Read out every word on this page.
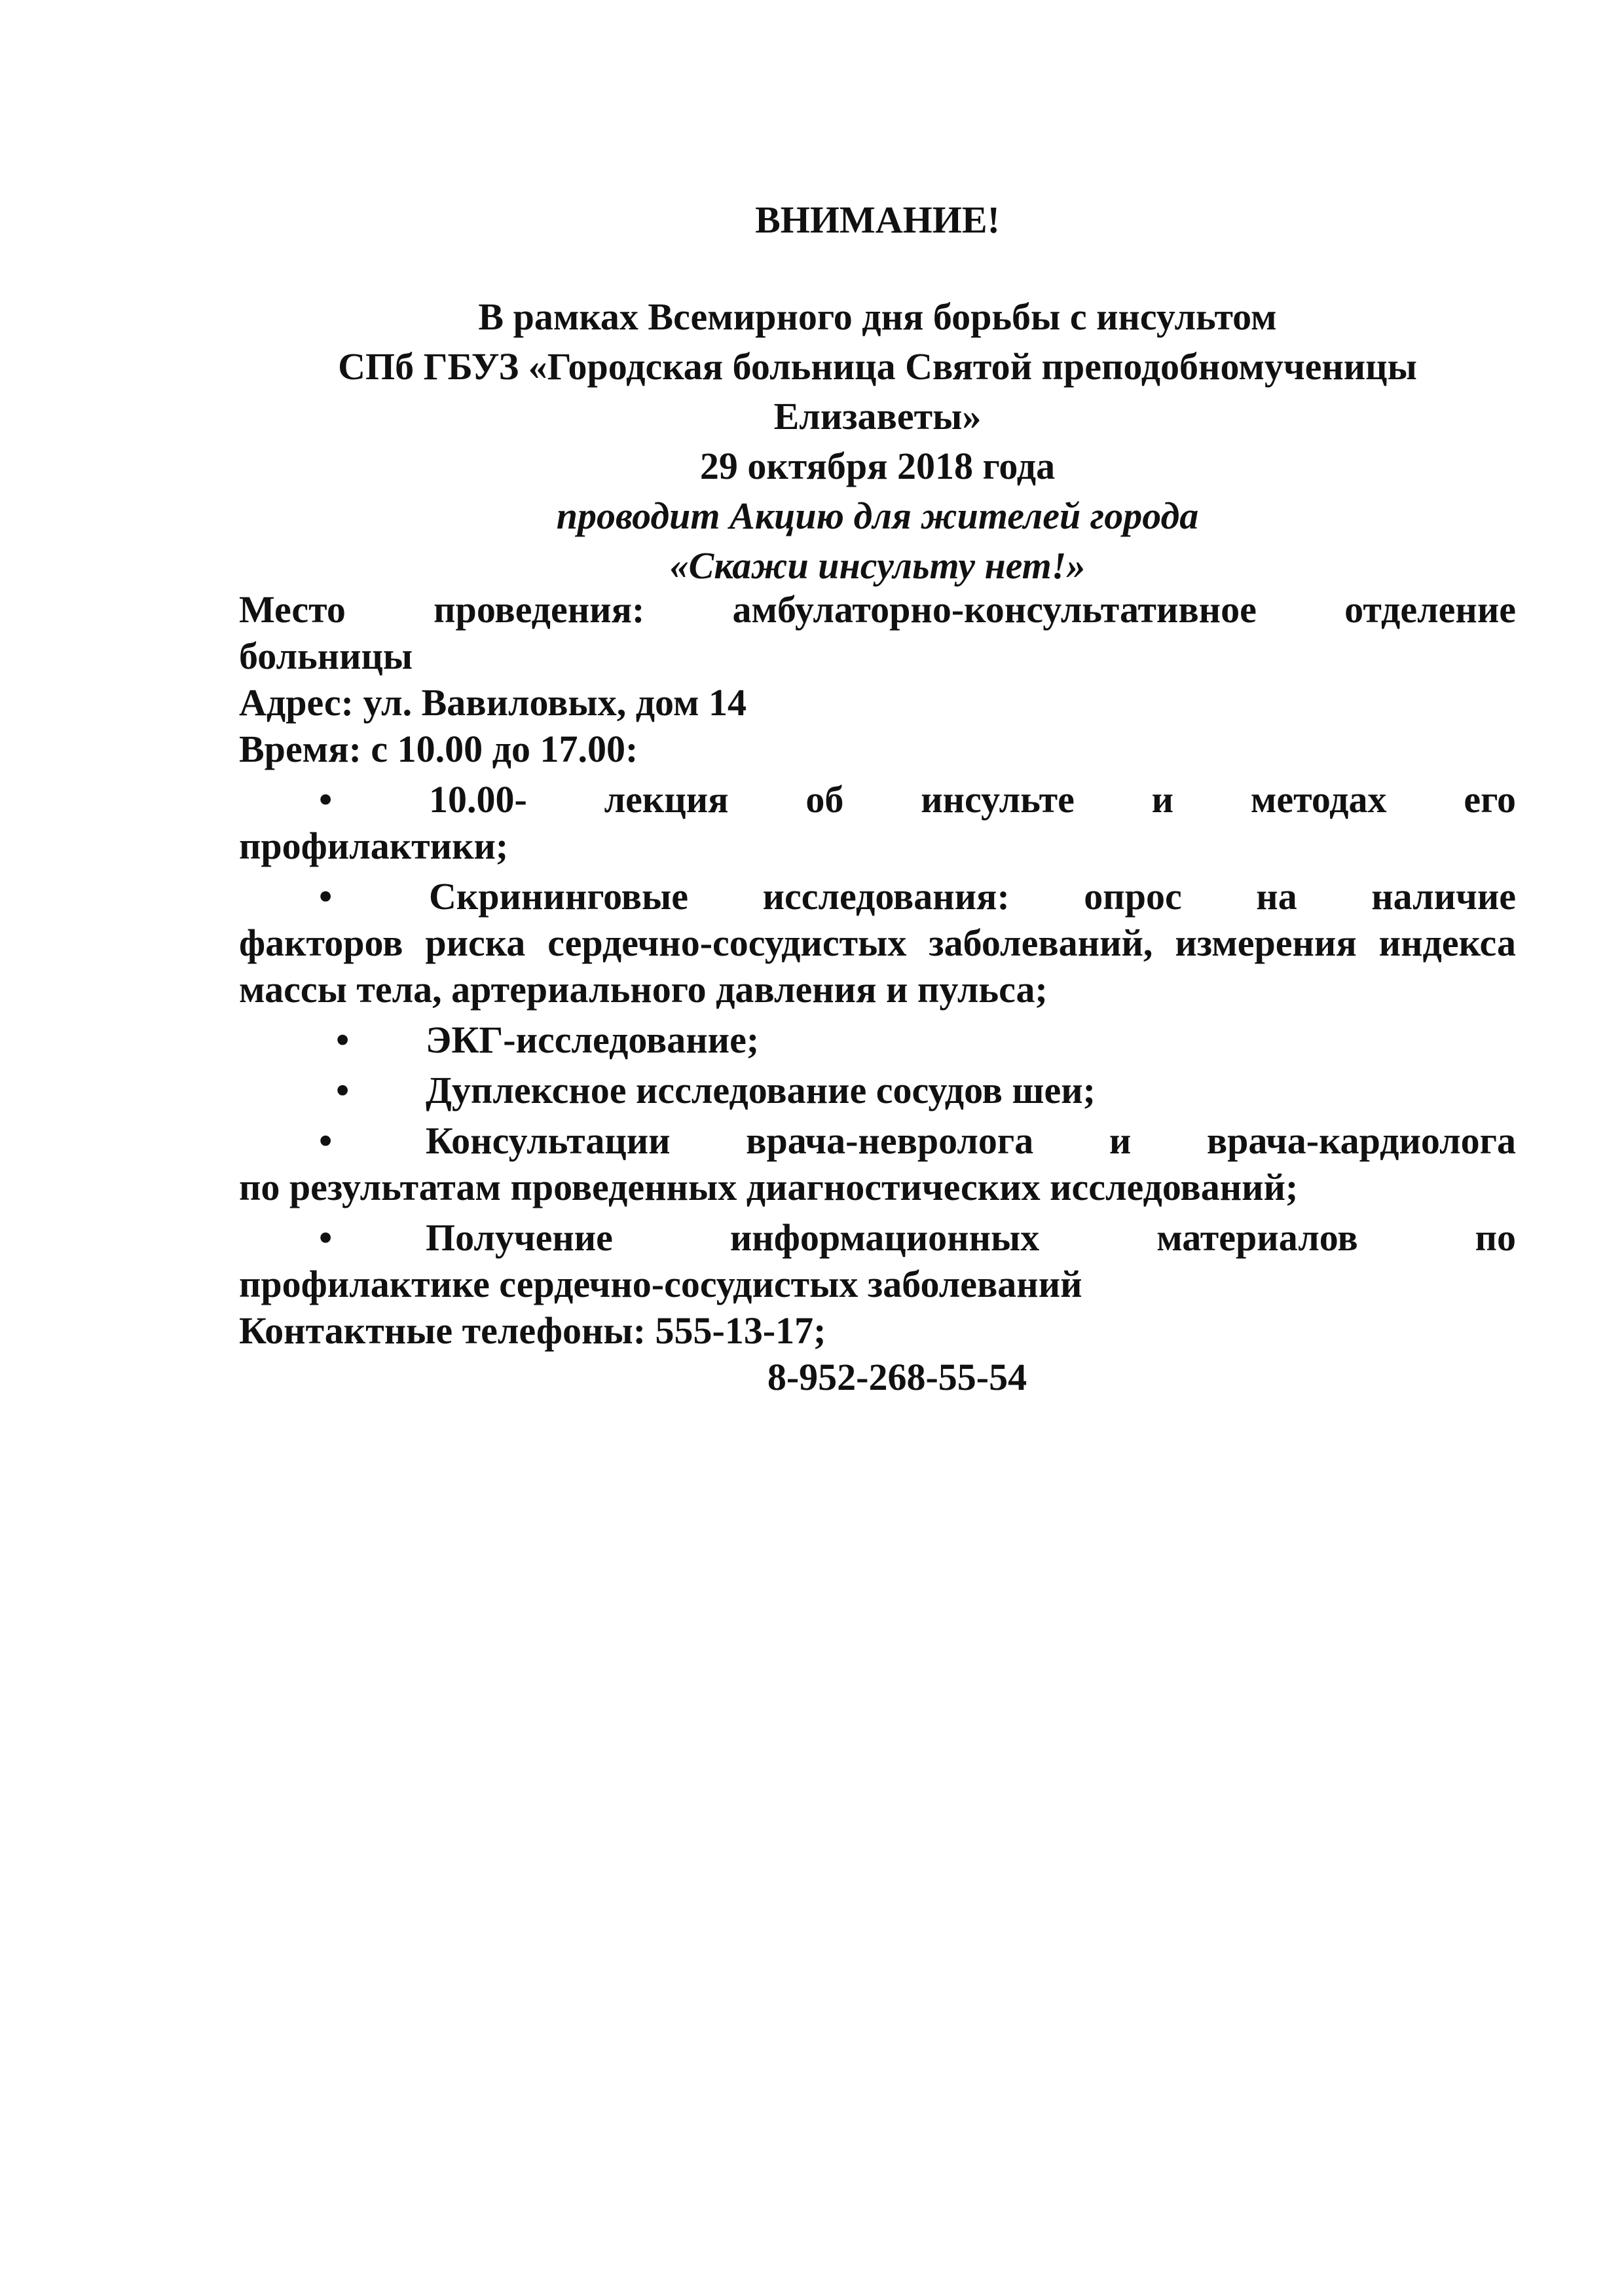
ВНИМАНИЕ!
В рамках Всемирного дня борьбы с инсультом
СПб ГБУЗ «Городская больница Святой преподобномученицы
Елизаветы»
29 октября 2018 года
проводит Акцию для жителей города
«Скажи инсульту нет!»
Место проведения: амбулаторно-консультативное отделение
больницы
Адрес: ул. Вавиловых, дом 14
Время: с 10.00 до 17.00:
•	10.00- лекция об инсульте и методах его
профилактики;
•	Скрининговые исследования: опрос на наличие
факторов риска сердечно-сосудистых заболеваний, измерения индекса массы тела, артериального давления и пульса;
• ЭКГ-исследование;
• Дуплексное исследование сосудов шеи;
• Консультации врача-невролога и врача-кардиолога
по результатам проведенных диагностических исследований;
• Получение информационных материалов по
профилактике сердечно-сосудистых заболеваний
Контактные телефоны: 555-13-17;
8-952-268-55-54
